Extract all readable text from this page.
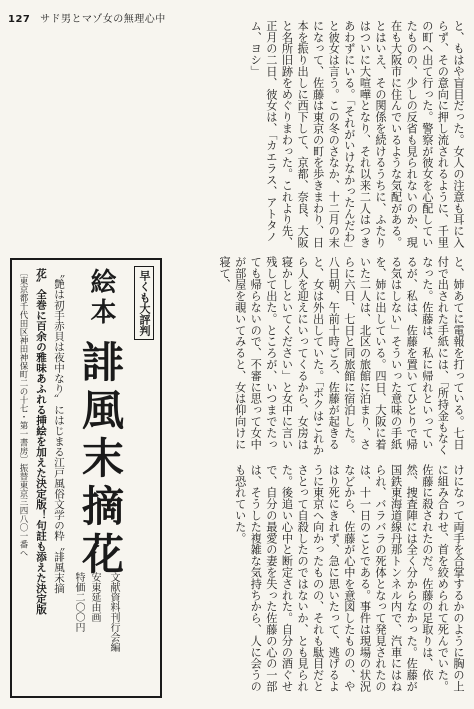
127 サド男とマゾ女の無理心中

と、もはや盲目だった。女人の注意も耳に入らず、その意向に押し流されるように、千里の町へ出て行った。警察が彼女を心配していたものの、少しの反省も見られないのか、現在も大阪市に住んでいるような気配がある。とはいえ、その関係を続けるうちに、ふたりはついに大喧嘩となり、それ以来二人はつきあわずにいる。「それがいけなかったんだわ」と彼女は言う。この冬のさなか、十二月の末になって、佐藤は東京の町を歩きまわり、日本を振り出しに西下して、京都、奈良、大阪と名所旧跡をめぐりまわった。これより先、正月の二日、彼女は、「カエラス、アトタノム、ヨシ」

と、姉あてに電報を打っている。七日付で出された手紙には、「所持金もなくなった。佐藤は、私に帰れといっているが、私は、佐藤を置いてひとりで帰る気はしない」そういった意味の手紙を、姉に出している。四日、大阪に着いた二人は、北区の旅館に泊まり、さらに六日、七日と同旅館に宿泊した。八日朝、午前十時ごろ、佐藤が起きると、女は外出していた。「ボクはこれから人を迎えにいってくるから、女房は寝かしといてください」と女中に言い残して出た。ところが、いつまでたっても帰らないので、不審に思って女中が部屋を覗いてみると、女は仰向けに寝て、

けになって両手を合掌するかのように胸の上に組み合わせ、首を絞められて死んでいた。佐藤に殺されたのだ。佐藤の足取りは、依然、捜査陣には全く分からなかった。佐藤が国鉄東海道線丹那トンネル内で、汽車にはねられ、バラバラの死体となって発見されたのは、十一日のことである。事件は現場の状況などから、佐藤が心中を意図したものの、やはり死にきれず、急に思いたって、逃げるように東京へ向かったものの、それも駄目だとさとって自殺したのではないか、とも見られた。後追い心中と断定された。自分の酒ぐせで、自分の最愛の妻を失った佐藤の心の一部は、そうした複雑な気持ちから、人に会うのも恐れていた。

早くも大評判
絵本
誹風末摘花
文献資料刊行会編
安東延由画
特価二〇〇円
〝艶は初手赤貝は夜中なり〟にはじまる江戸風俗文学の粋〝誹風末摘
花〟全巻に百余の雅味あふれる挿絵を加えた決定版！句註も添えた決定版
〔東京都千代田区神田神保町二の十七・第一書房〕振替東京三四八〇一番へ
